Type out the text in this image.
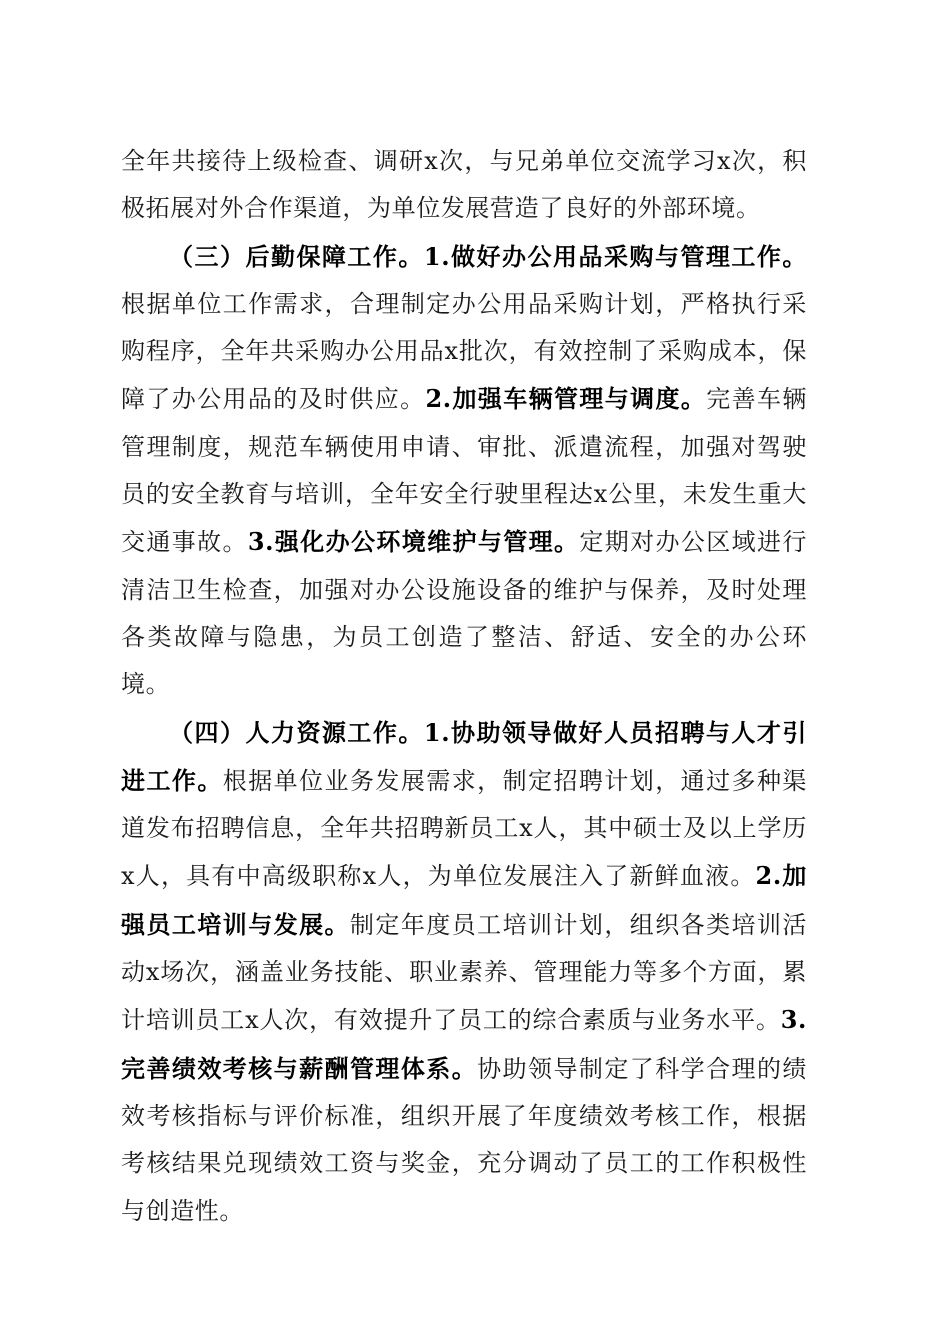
全年共接待上级检查、调研x次，与兄弟单位交流学习x次，积极拓展对外合作渠道，为单位发展营造了良好的外部环境。

（三）后勤保障工作。1.做好办公用品采购与管理工作。根据单位工作需求，合理制定办公用品采购计划，严格执行采购程序，全年共采购办公用品x批次，有效控制了采购成本，保障了办公用品的及时供应。2.加强车辆管理与调度。完善车辆管理制度，规范车辆使用申请、审批、派遣流程，加强对驾驶员的安全教育与培训，全年安全行驶里程达x公里，未发生重大交通事故。3.强化办公环境维护与管理。定期对办公区域进行清洁卫生检查，加强对办公设施设备的维护与保养，及时处理各类故障与隐患，为员工创造了整洁、舒适、安全的办公环境。

（四）人力资源工作。1.协助领导做好人员招聘与人才引进工作。根据单位业务发展需求，制定招聘计划，通过多种渠道发布招聘信息，全年共招聘新员工x人，其中硕士及以上学历x人，具有中高级职称x人，为单位发展注入了新鲜血液。2.加强员工培训与发展。制定年度员工培训计划，组织各类培训活动x场次，涵盖业务技能、职业素养、管理能力等多个方面，累计培训员工x人次，有效提升了员工的综合素质与业务水平。3.完善绩效考核与薪酬管理体系。协助领导制定了科学合理的绩效考核指标与评价标准，组织开展了年度绩效考核工作，根据考核结果兑现绩效工资与奖金，充分调动了员工的工作积极性与创造性。
